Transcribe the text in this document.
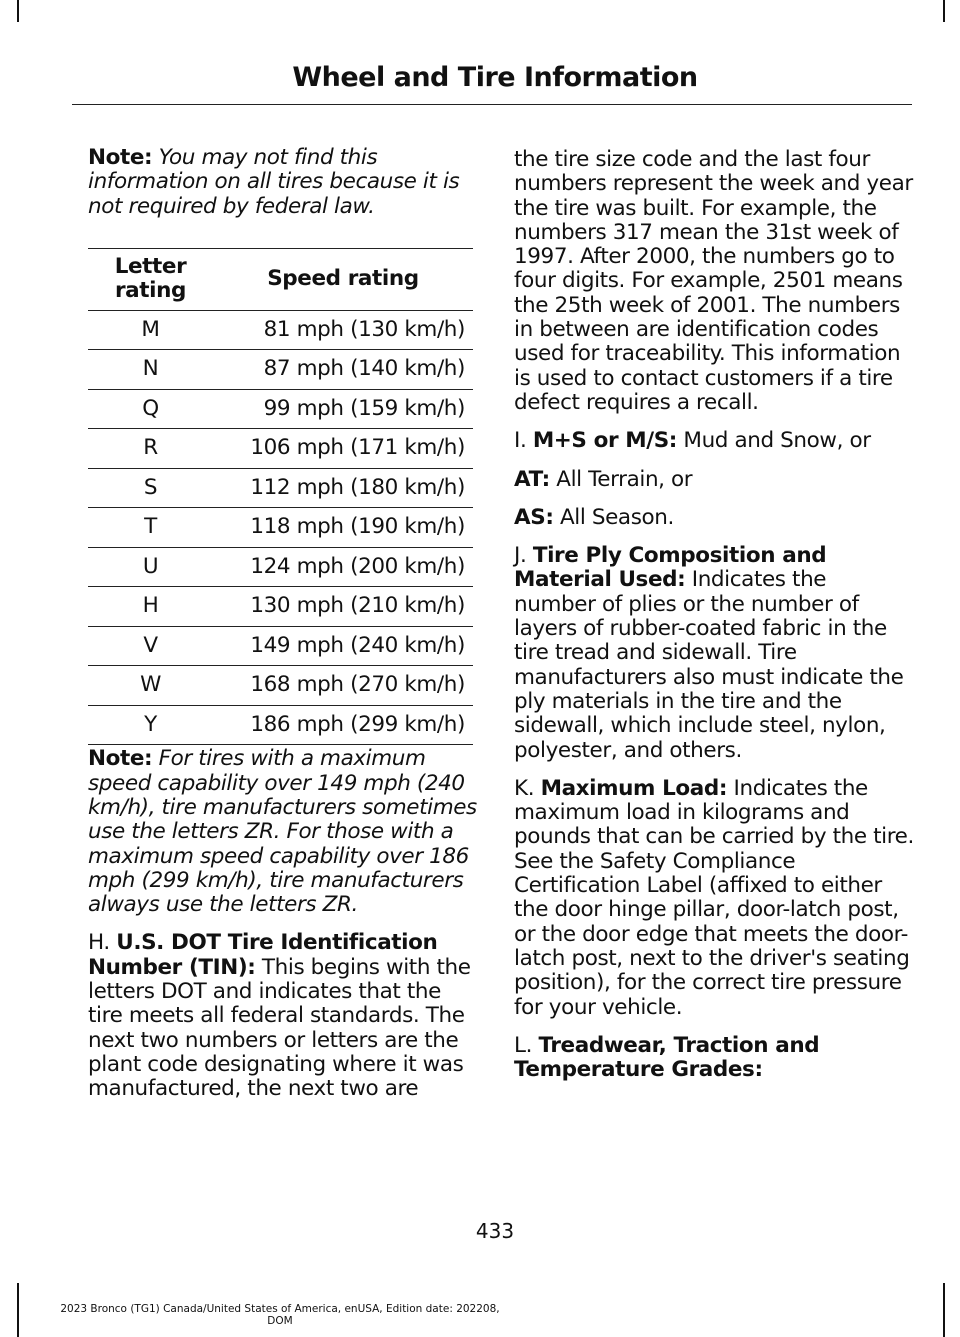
Wheel and Tire Information

Note: You may not find this information on all tires because it is not required by federal law.

Letter rating	Speed rating
M	81 mph (130 km/h)
N	87 mph (140 km/h)
Q	99 mph (159 km/h)
R	106 mph (171 km/h)
S	112 mph (180 km/h)
T	118 mph (190 km/h)
U	124 mph (200 km/h)
H	130 mph (210 km/h)
V	149 mph (240 km/h)
W	168 mph (270 km/h)
Y	186 mph (299 km/h)

Note: For tires with a maximum speed capability over 149 mph (240 km/h), tire manufacturers sometimes use the letters ZR. For those with a maximum speed capability over 186 mph (299 km/h), tire manufacturers always use the letters ZR.

H. U.S. DOT Tire Identification Number (TIN): This begins with the letters DOT and indicates that the tire meets all federal standards. The next two numbers or letters are the plant code designating where it was manufactured, the next two are

the tire size code and the last four numbers represent the week and year the tire was built. For example, the numbers 317 mean the 31st week of 1997. After 2000, the numbers go to four digits. For example, 2501 means the 25th week of 2001. The numbers in between are identification codes used for traceability. This information is used to contact customers if a tire defect requires a recall.

I. M+S or M/S: Mud and Snow, or

AT: All Terrain, or

AS: All Season.

J. Tire Ply Composition and Material Used: Indicates the number of plies or the number of layers of rubber-coated fabric in the tire tread and sidewall. Tire manufacturers also must indicate the ply materials in the tire and the sidewall, which include steel, nylon, polyester, and others.

K. Maximum Load: Indicates the maximum load in kilograms and pounds that can be carried by the tire. See the Safety Compliance Certification Label (affixed to either the door hinge pillar, door-latch post, or the door edge that meets the door-latch post, next to the driver's seating position), for the correct tire pressure for your vehicle.

L. Treadwear, Traction and Temperature Grades:

433
2023 Bronco (TG1) Canada/United States of America, enUSA, Edition date: 202208, DOM
